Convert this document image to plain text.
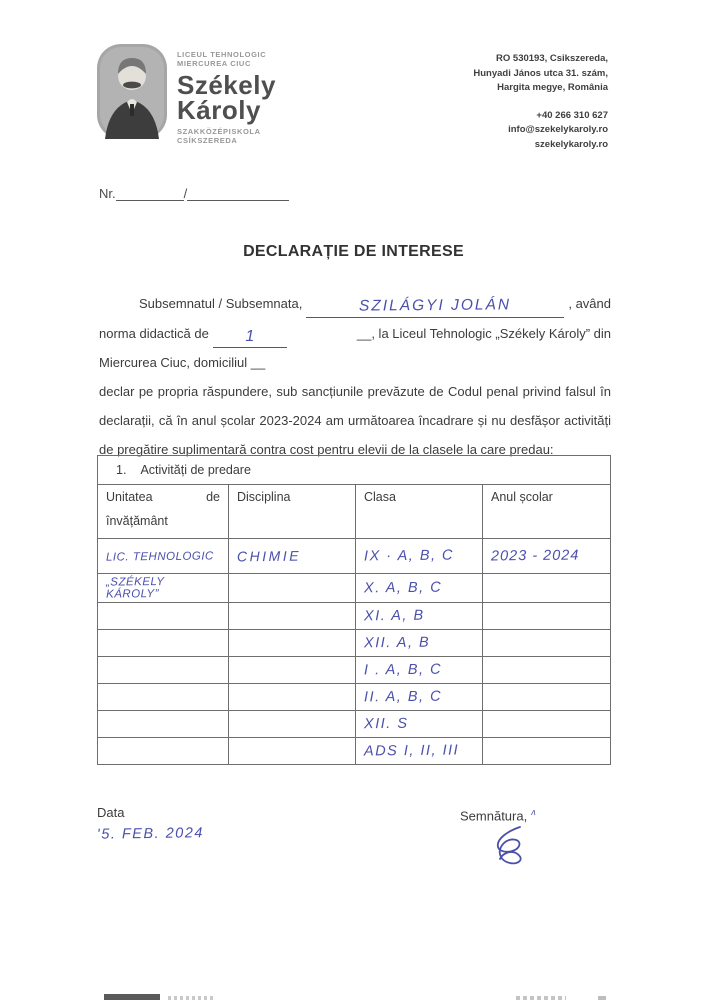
LICEUL TEHNOLOGIC
MIERCUREA CIUC
Székely
Károly
SZAKKÖZÉPISKOLA
CSÍKSZEREDA
RO 530193, Csikszereda,
Hunyadi János utca 31. szám,
Hargita megye, România
+40 266 310 627
info@szekelykaroly.ro
szekelykaroly.ro
Nr.	/
DECLARAȚIE DE INTERESE
Subsemnatul / Subsemnata,	SZILÁGYI JOLÁN	, având
norma didactică de	1	__, la Liceul Tehnologic „Székely Károly” din
Miercurea Ciuc, domiciliul __

declar pe propria răspundere, sub sancțiunile prevăzute de Codul penal privind falsul în declarații, că în anul școlar 2023-2024 am următoarea încadrare și nu desfășor activități de pregătire suplimentară contra cost pentru elevii de la clasele la care predau:

1. Activități de predare			

Unitatea de
învățământ	Disciplina	Clasa	Anul școlar
LIC. TEHNOLOGIC	CHIMIE	IX · A, B, C	2023 - 2024
„SZÉKELY KÁROLY”		X. A, B, C	
		XI. A, B	
		XII. A, B	
		I . A, B, C	
		II. A, B, C	
		XII. S	
		ADS I, II, III	
Data
'5. FEB. 2024
Semnătura, ʌ
